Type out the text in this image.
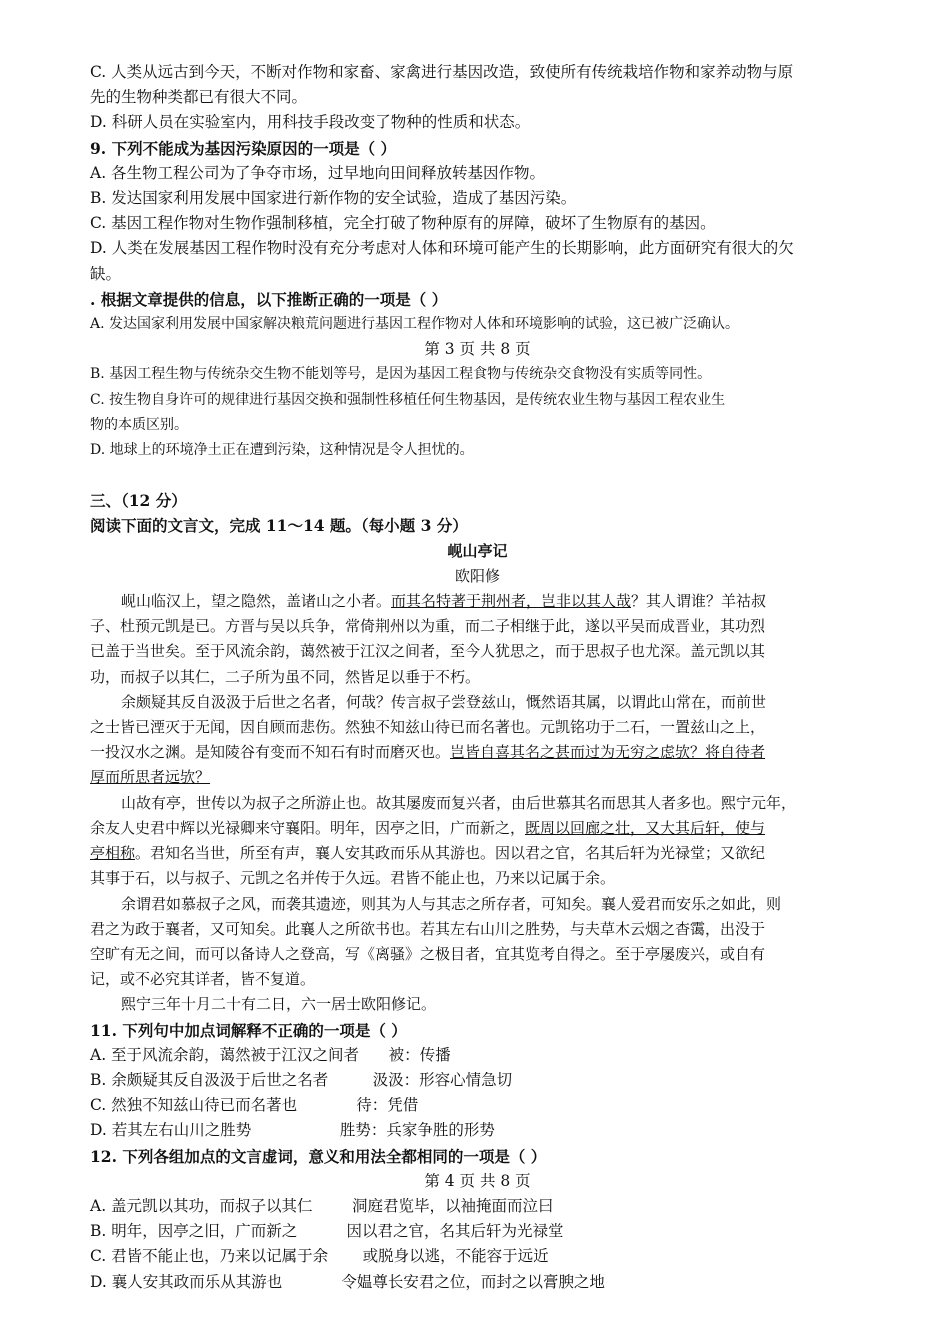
C. 人类从远古到今天，不断对作物和家畜、家禽进行基因改造，致使所有传统栽培作物和家养动物与原
先的生物种类都已有很大不同。
D. 科研人员在实验室内，用科技手段改变了物种的性质和状态。
9. 下列不能成为基因污染原因的一项是（ ）
A. 各生物工程公司为了争夺市场，过早地向田间释放转基因作物。
B. 发达国家利用发展中国家进行新作物的安全试验，造成了基因污染。
C. 基因工程作物对生物作强制移植，完全打破了物种原有的屏障，破坏了生物原有的基因。
D. 人类在发展基因工程作物时没有充分考虑对人体和环境可能产生的长期影响，此方面研究有很大的欠
缺。
. 根据文章提供的信息，以下推断正确的一项是（ ）
A. 发达国家利用发展中国家解决粮荒问题进行基因工程作物对人体和环境影响的试验，这已被广泛确认。
第 3 页 共 8 页
B. 基因工程生物与传统杂交生物不能划等号，是因为基因工程食物与传统杂交食物没有实质等同性。
C. 按生物自身许可的规律进行基因交换和强制性移植任何生物基因，是传统农业生物与基因工程农业生
物的本质区别。
D. 地球上的环境净土正在遭到污染，这种情况是令人担忧的。
三、（12 分）
阅读下面的文言文，完成 11～14 题。（每小题 3 分）
岘山亭记
欧阳修
岘山临汉上，望之隐然，盖诸山之小者。而其名特著于荆州者，岂非以其人哉？其人谓谁？羊祜叔
子、杜预元凯是已。方晋与吴以兵争，常倚荆州以为重，而二子相继于此，遂以平吴而成晋业，其功烈
已盖于当世矣。至于风流余韵，蔼然被于江汉之间者，至今人犹思之，而于思叔子也尤深。盖元凯以其
功，而叔子以其仁，二子所为虽不同，然皆足以垂于不朽。
余颇疑其反自汲汲于后世之名者，何哉？传言叔子尝登兹山，慨然语其属，以谓此山常在，而前世
之士皆已湮灭于无闻，因自顾而悲伤。然独不知兹山待已而名著也。元凯铭功于二石，一置兹山之上，
一投汉水之渊。是知陵谷有变而不知石有时而磨灭也。岂皆自喜其名之甚而过为无穷之虑欤？将自待者
厚而所思者远欤？
山故有亭，世传以为叔子之所游止也。故其屡废而复兴者，由后世慕其名而思其人者多也。熙宁元年，
余友人史君中辉以光禄卿来守襄阳。明年，因亭之旧，广而新之，既周以回廊之壮，又大其后轩，使与
亭相称。君知名当世，所至有声，襄人安其政而乐从其游也。因以君之官，名其后轩为光禄堂；又欲纪
其事于石，以与叔子、元凯之名并传于久远。君皆不能止也，乃来以记属于余。
余谓君如慕叔子之风，而袭其遗迹，则其为人与其志之所存者，可知矣。襄人爱君而安乐之如此，则
君之为政于襄者，又可知矣。此襄人之所欲书也。若其左右山川之胜势，与夫草木云烟之杳霭，出没于
空旷有无之间，而可以备诗人之登高，写《离骚》之极目者，宜其览考自得之。至于亭屡废兴，或自有
记，或不必究其详者，皆不复道。
熙宁三年十月二十有二日，六一居士欧阳修记。
11. 下列句中加点词解释不正确的一项是（ ）
A. 至于风流余韵，蔼然被于江汉之间者      被：传播
B. 余颇疑其反自汲汲于后世之名者         汲汲：形容心情急切
C. 然独不知兹山待已而名著也            待：凭借
D. 若其左右山川之胜势                  胜势：兵家争胜的形势
12. 下列各组加点的文言虚词，意义和用法全都相同的一项是（ ）
第 4 页 共 8 页
A. 盖元凯以其功，而叔子以其仁        洞庭君览毕，以袖掩面而泣曰
B. 明年，因亭之旧，广而新之          因以君之官，名其后轩为光禄堂
C. 君皆不能止也，乃来以记属于余       或脱身以逃，不能容于远近
D. 襄人安其政而乐从其游也            令媪尊长安君之位，而封之以膏腴之地
